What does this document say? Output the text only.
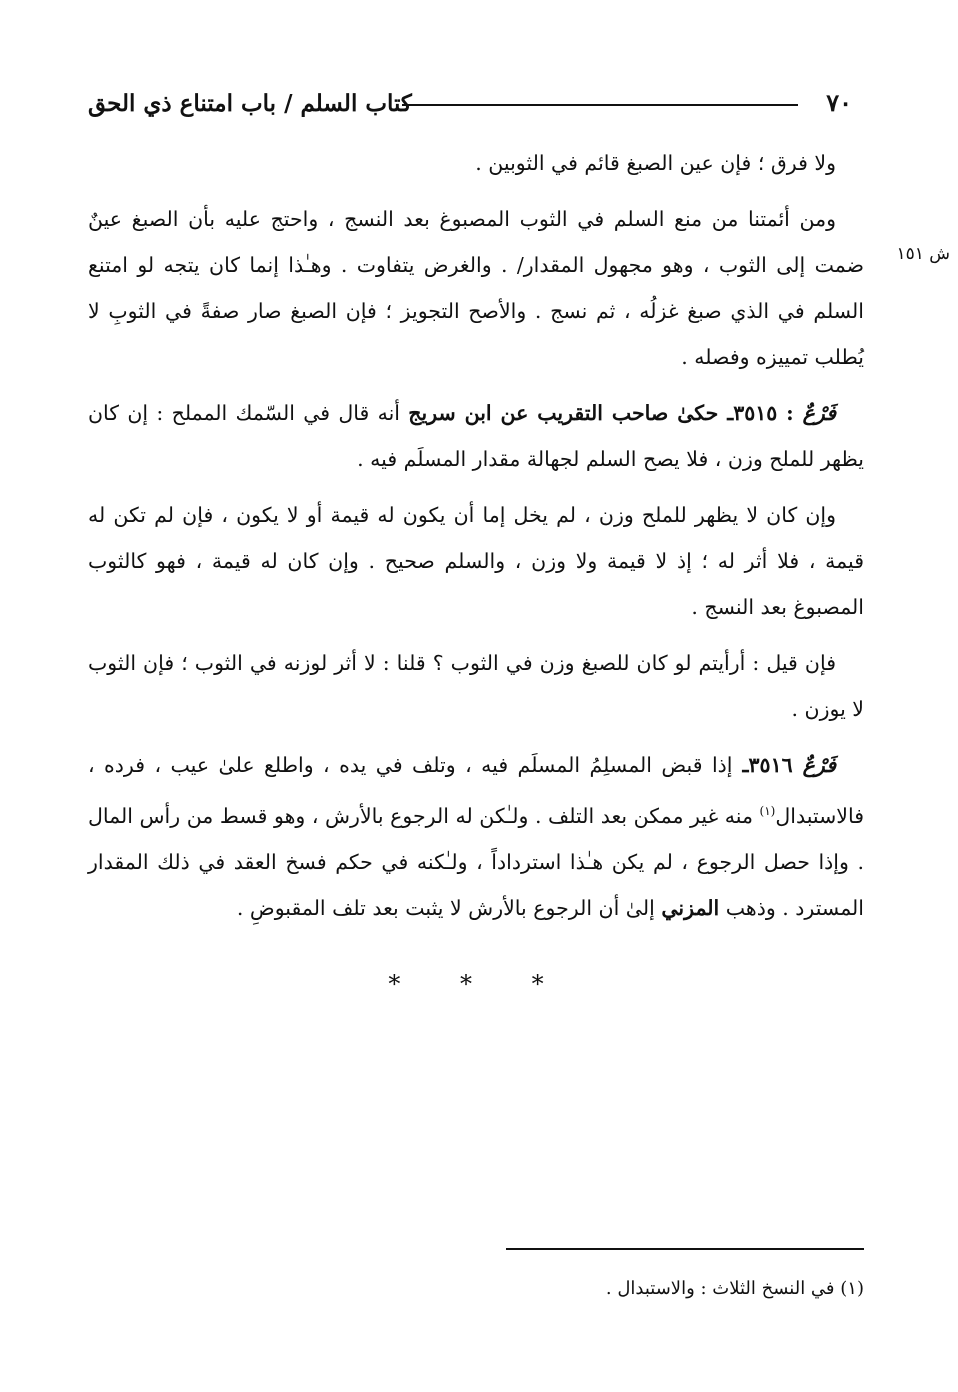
كتاب السلم / باب امتناع ذي الحق	٧٠
ش ١٥١

ولا فرق ؛ فإن عين الصبغ قائم في الثوبين .

ومن أئمتنا من منع السلم في الثوب المصبوغ بعد النسج ، واحتج عليه بأن الصبغ عينٌ ضمت إلى الثوب ، وهو مجهول المقدار/ . والغرض يتفاوت . وهـٰذا إنما كان يتجه لو امتنع السلم في الذي صبغ غزلُه ، ثم نسج . والأصح التجويز ؛ فإن الصبغ صار صفةً في الثوبِ لا يُطلب تمييزه وفصله .

فَرْعٌ : ٣٥١٥ـ حكىٰ صاحب التقريب عن ابن سريج أنه قال في السّمك المملح : إن كان يظهر للملح وزن ، فلا يصح السلم لجهالة مقدار المسلَم فيه .

وإن كان لا يظهر للملح وزن ، لم يخل إما أن يكون له قيمة أو لا يكون ، فإن لم تكن له قيمة ، فلا أثر له ؛ إذ لا قيمة ولا وزن ، والسلم صحيح . وإن كان له قيمة ، فهو كالثوب المصبوغ بعد النسج .

فإن قيل : أرأيتم لو كان للصبغ وزن في الثوب ؟ قلنا : لا أثر لوزنه في الثوب ؛ فإن الثوب لا يوزن .

فَرْعٌ ٣٥١٦ـ إذا قبض المسلِمُ المسلَم فيه ، وتلف في يده ، واطلع علىٰ عيب ، فرده ، فالاستبدال$^{(١)}$ منه غير ممكن بعد التلف . ولـٰكن له الرجوع بالأرش ، وهو قسط من رأس المال . وإذا حصل الرجوع ، لم يكن هـٰذا استرداداً ، ولـٰكنه في حكم فسخ العقد في ذلك المقدار المسترد . وذهب المزني إلىٰ أن الرجوع بالأرش لا يثبت بعد تلف المقبوضِ .

* * *
(١) في النسخ الثلاث : والاستبدال .
